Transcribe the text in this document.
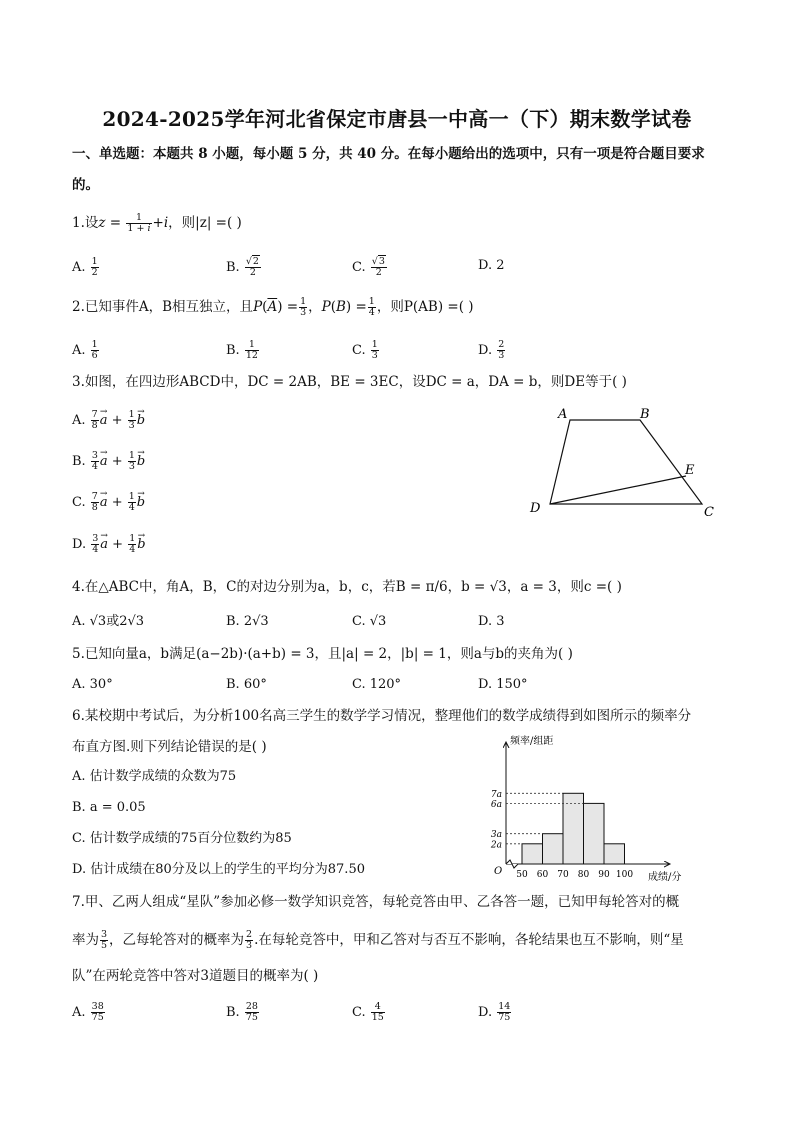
2024-2025学年河北省保定市唐县一中高一（下）期末数学试卷
一、单选题：本题共 8 小题，每小题 5 分，共 40 分。在每小题给出的选项中，只有一项是符合题目要求
的。
1.设$z = \frac{1}{1 + i} +i$，则|z| =( )
A. $\frac{1}{2}$	B. $\frac{√2}{2}$	C. $\frac{√3}{2}$	D. 2
2.已知事件A，B相互独立，且$P(\overline{A}) = \frac{1}{3}$ ，$P(B) = \frac{1}{4}$ ，则P(AB) =( )
A. $\frac{1}{6}$	B. $\frac{1}{12}$	C. $\frac{1}{3}$	D. $\frac{2}{3}$
3.如图，在四边形ABCD中，DC = 2AB，BE = 3EC，设DC = a，DA = b，则DE等于( )
A. $\frac{7}{8} \to a + \frac{1}{3} \to b$
B. $\frac{3}{4} \to a + \frac{1}{3} \to b$
C. $\frac{7}{8} \to a + \frac{1}{4} \to b$
D. $\frac{3}{4} \to a + \frac{1}{4} \to b$
A	B
C
D
E
4.在△ABC中，角A，B，C的对边分别为a，b，c，若B = π/6，b = √3，a = 3，则c =( )
A. √3或2√3	B. 2√3	C. √3	D. 3
5.已知向量a，b满足(a−2b)·(a+b) = 3，且|a| = 2，|b| = 1，则a与b的夹角为( )
A. 30°	B. 60°	C. 120°	D. 150°
6.某校期中考试后，为分析100名高三学生的数学学习情况，整理他们的数学成绩得到如图所示的频率分
布直方图.则下列结论错误的是( )
A. 估计数学成绩的众数为75
B. a = 0.05
C. 估计数学成绩的75百分位数约为85
D. 估计成绩在80分及以上的学生的平均分为87.50
2a
3a
6a
7a
50 60 70 80 90 100
频率/组距
成绩/分
O
7.甲、乙两人组成“星队”参加必修一数学知识竞答，每轮竞答由甲、乙各答一题，已知甲每轮答对的概
率为 $\frac{3}{5}$ ，乙每轮答对的概率为 $\frac{2}{3}$ .在每轮竞答中，甲和乙答对与否互不影响，各轮结果也互不影响，则“星
队”在两轮竞答中答对3道题目的概率为( )
A. $\frac{38}{75}$	B. $\frac{28}{75}$	C. $\frac{4}{15}$	D. $\frac{14}{75}$
